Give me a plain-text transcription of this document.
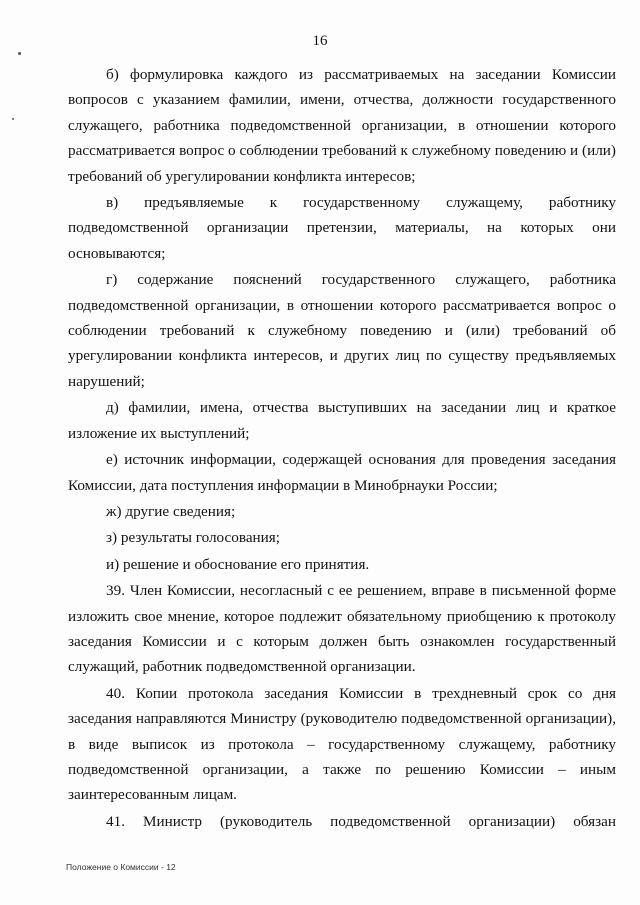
16

б) формулировка каждого из рассматриваемых на заседании Комиссии вопросов с указанием фамилии, имени, отчества, должности государственного служащего, работника подведомственной организации, в отношении которого рассматривается вопрос о соблюдении требований к служебному поведению и (или) требований об урегулировании конфликта интересов;

в) предъявляемые к государственному служащему, работнику подведомственной организации претензии, материалы, на которых они основываются;

г) содержание пояснений государственного служащего, работника подведомственной организации, в отношении которого рассматривается вопрос о соблюдении требований к служебному поведению и (или) требований об урегулировании конфликта интересов, и других лиц по существу предъявляемых нарушений;

д) фамилии, имена, отчества выступивших на заседании лиц и краткое изложение их выступлений;

е) источник информации, содержащей основания для проведения заседания Комиссии, дата поступления информации в Минобрнауки России;

ж) другие сведения;

з) результаты голосования;

и) решение и обоснование его принятия.

39. Член Комиссии, несогласный с ее решением, вправе в письменной форме изложить свое мнение, которое подлежит обязательному приобщению к протоколу заседания Комиссии и с которым должен быть ознакомлен государственный служащий, работник подведомственной организации.

40. Копии протокола заседания Комиссии в трехдневный срок со дня заседания направляются Министру (руководителю подведомственной организации), в виде выписок из протокола – государственному служащему, работнику подведомственной организации, а также по решению Комиссии – иным заинтересованным лицам.

41. Министр (руководитель подведомственной организации) обязан

Положение о Комиссии - 12
